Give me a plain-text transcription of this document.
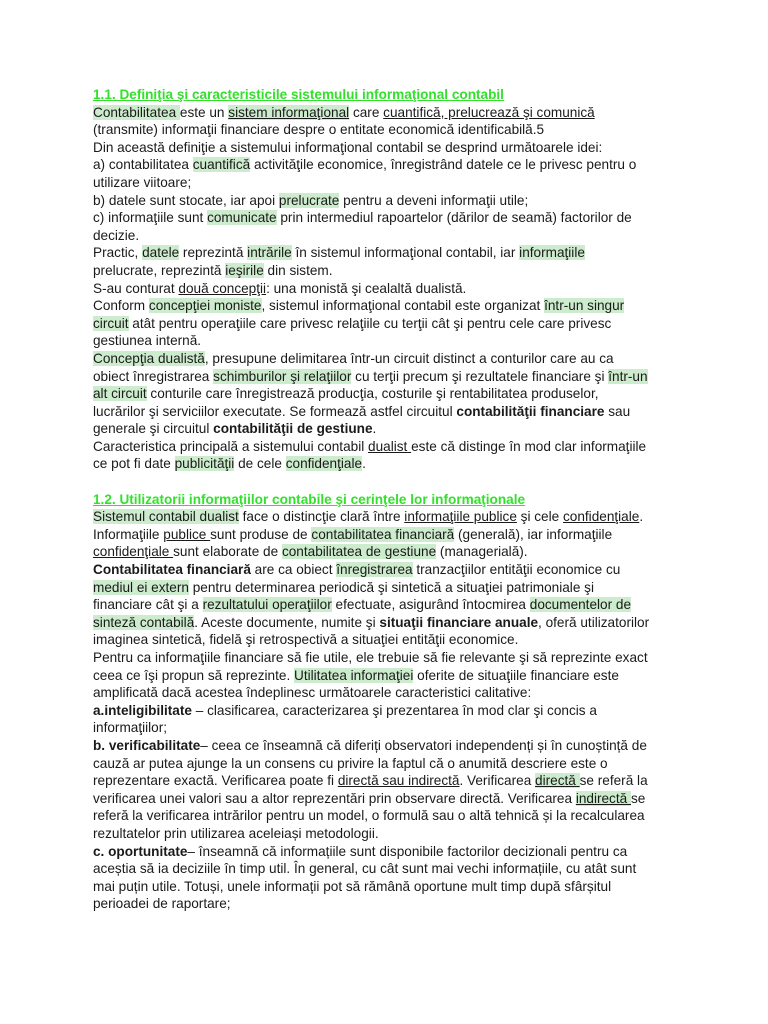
1.1. Definiţia şi caracteristicile sistemului informaţional contabil
Contabilitatea este un sistem informaţional care cuantifică, prelucrează şi comunică
(transmite) informaţii financiare despre o entitate economică identificabilă.5
Din această definiţie a sistemului informaţional contabil se desprind următoarele idei:
a) contabilitatea cuantifică activităţile economice, înregistrând datele ce le privesc pentru o
utilizare viitoare;
b) datele sunt stocate, iar apoi prelucrate pentru a deveni informaţii utile;
c) informaţiile sunt comunicate prin intermediul rapoartelor (dărilor de seamă) factorilor de
decizie.
Practic, datele reprezintă intrările în sistemul informaţional contabil, iar informaţiile
prelucrate, reprezintă ieşirile din sistem.
S-au conturat două concepţii: una monistă şi cealaltă dualistă.
Conform concepţiei moniste, sistemul informaţional contabil este organizat într-un singur
circuit atât pentru operaţiile care privesc relaţiile cu terţii cât şi pentru cele care privesc
gestiunea internă.
Concepţia dualistă, presupune delimitarea într-un circuit distinct a conturilor care au ca
obiect înregistrarea schimburilor şi relaţiilor cu terţii precum şi rezultatele financiare şi într-un
alt circuit conturile care înregistrează producţia, costurile şi rentabilitatea produselor,
lucrărilor şi serviciilor executate. Se formează astfel circuitul contabilităţii financiare sau
generale şi circuitul contabilităţii de gestiune.
Caracteristica principală a sistemului contabil dualist este că distinge în mod clar informaţiile
ce pot fi date publicităţii de cele confidenţiale.
1.2. Utilizatorii informaţiilor contabile şi cerinţele lor informaţionale
Sistemul contabil dualist face o distincţie clară între informaţiile publice şi cele confidenţiale.
Informaţiile publice sunt produse de contabilitatea financiară (generală), iar informaţiile
confidenţiale sunt elaborate de contabilitatea de gestiune (managerială).
Contabilitatea financiară are ca obiect înregistrarea tranzacţiilor entităţii economice cu
mediul ei extern pentru determinarea periodică şi sintetică a situaţiei patrimoniale şi
financiare cât şi a rezultatului operaţiilor efectuate, asigurând întocmirea documentelor de
sinteză contabilă. Aceste documente, numite şi situaţii financiare anuale, oferă utilizatorilor
imaginea sintetică, fidelă şi retrospectivă a situaţiei entităţii economice.
Pentru ca informaţiile financiare să fie utile, ele trebuie să fie relevante şi să reprezinte exact
ceea ce îşi propun să reprezinte. Utilitatea informaţiei oferite de situaţiile financiare este
amplificată dacă acestea îndeplinesc următoarele caracteristici calitative:
a.inteligibilitate – clasificarea, caracterizarea şi prezentarea în mod clar şi concis a
informaţiilor;
b. verificabilitate– ceea ce înseamnă că diferiți observatori independenți și în cunoștință de
cauză ar putea ajunge la un consens cu privire la faptul că o anumită descriere este o
reprezentare exactă. Verificarea poate fi directă sau indirectă. Verificarea directă se referă la
verificarea unei valori sau a altor reprezentări prin observare directă. Verificarea indirectă se
referă la verificarea intrărilor pentru un model, o formulă sau o altă tehnică și la recalcularea
rezultatelor prin utilizarea aceleiași metodologii.
c. oportunitate– înseamnă că informațiile sunt disponibile factorilor decizionali pentru ca
aceștia să ia deciziile în timp util. În general, cu cât sunt mai vechi informațiile, cu atât sunt
mai puțin utile. Totuși, unele informații pot să rămână oportune mult timp după sfârșitul
perioadei de raportare;
